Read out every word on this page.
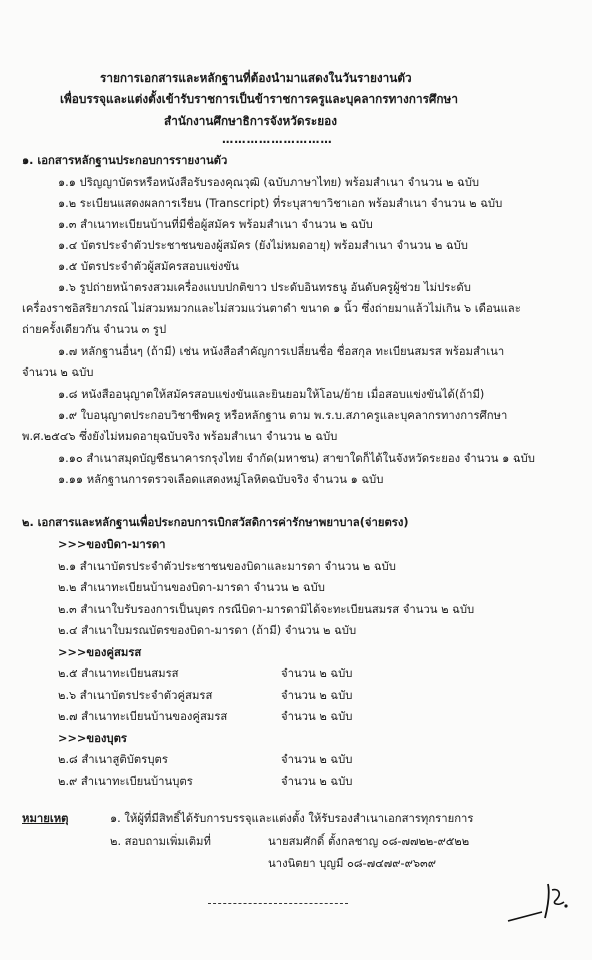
รายการเอกสารและหลักฐานที่ต้องนำมาแสดงในวันรายงานตัว
เพื่อบรรจุและแต่งตั้งเข้ารับราชการเป็นข้าราชการครูและบุคลากรทางการศึกษา
สำนักงานศึกษาธิการจังหวัดระยอง
………………………
๑. เอกสารหลักฐานประกอบการรายงานตัว
๑.๑ ปริญญาบัตรหรือหนังสือรับรองคุณวุฒิ (ฉบับภาษาไทย) พร้อมสำเนา จำนวน ๒ ฉบับ
๑.๒ ระเบียนแสดงผลการเรียน (Transcript) ที่ระบุสาขาวิชาเอก พร้อมสำเนา จำนวน ๒ ฉบับ
๑.๓ สำเนาทะเบียนบ้านที่มีชื่อผู้สมัคร พร้อมสำเนา จำนวน ๒ ฉบับ
๑.๔ บัตรประจำตัวประชาชนของผู้สมัคร (ยังไม่หมดอายุ) พร้อมสำเนา จำนวน ๒ ฉบับ
๑.๕ บัตรประจำตัวผู้สมัครสอบแข่งขัน
๑.๖ รูปถ่ายหน้าตรงสวมเครื่องแบบปกติขาว ประดับอินทรธนู อันดับครูผู้ช่วย ไม่ประดับ
เครื่องราชอิสริยาภรณ์ ไม่สวมหมวกและไม่สวมแว่นตาดำ ขนาด ๑ นิ้ว ซึ่งถ่ายมาแล้วไม่เกิน ๖ เดือนและ
ถ่ายครั้งเดียวกัน จำนวน ๓ รูป
๑.๗ หลักฐานอื่นๆ (ถ้ามี) เช่น หนังสือสำคัญการเปลี่ยนชื่อ ชื่อสกุล ทะเบียนสมรส พร้อมสำเนา
จำนวน ๒ ฉบับ
๑.๘ หนังสืออนุญาตให้สมัครสอบแข่งขันและยินยอมให้โอน/ย้าย เมื่อสอบแข่งขันได้(ถ้ามี)
๑.๙ ใบอนุญาตประกอบวิชาชีพครู หรือหลักฐาน ตาม พ.ร.บ.สภาครูและบุคลากรทางการศึกษา
พ.ศ.๒๕๔๖ ซึ่งยังไม่หมดอายุฉบับจริง พร้อมสำเนา จำนวน ๒ ฉบับ
๑.๑๐ สำเนาสมุดบัญชีธนาคารกรุงไทย จำกัด(มหาชน) สาขาใดก็ได้ในจังหวัดระยอง จำนวน ๑ ฉบับ
๑.๑๑ หลักฐานการตรวจเลือดแสดงหมู่โลหิตฉบับจริง จำนวน ๑ ฉบับ
๒. เอกสารและหลักฐานเพื่อประกอบการเบิกสวัสดิการค่ารักษาพยาบาล(จ่ายตรง)
>>>ของบิดา-มารดา
๒.๑ สำเนาบัตรประจำตัวประชาชนของบิดาและมารดา จำนวน ๒ ฉบับ
๒.๒ สำเนาทะเบียนบ้านของบิดา-มารดา จำนวน ๒ ฉบับ
๒.๓ สำเนาใบรับรองการเป็นบุตร กรณีบิดา-มารดามิได้จะทะเบียนสมรส จำนวน ๒ ฉบับ
๒.๔ สำเนาใบมรณบัตรของบิดา-มารดา (ถ้ามี) จำนวน ๒ ฉบับ
>>>ของคู่สมรส
๒.๕ สำเนาทะเบียนสมรส	จำนวน ๒ ฉบับ
๒.๖ สำเนาบัตรประจำตัวคู่สมรส	จำนวน ๒ ฉบับ
๒.๗ สำเนาทะเบียนบ้านของคู่สมรส	จำนวน ๒ ฉบับ
>>>ของบุตร
๒.๘ สำเนาสูติบัตรบุตร	จำนวน ๒ ฉบับ
๒.๙ สำเนาทะเบียนบ้านบุตร	จำนวน ๒ ฉบับ
หมายเหตุ	๑. ให้ผู้ที่มีสิทธิ์ได้รับการบรรจุและแต่งตั้ง ให้รับรองสำเนาเอกสารทุกรายการ
๒. สอบถามเพิ่มเติมที่	นายสมศักดิ์ ตั้งกลชาญ ๐๘-๗๗๒๒-๙๕๒๒
นางนิตยา บุญมี ๐๘-๗๔๗๙-๙๖๓๙
